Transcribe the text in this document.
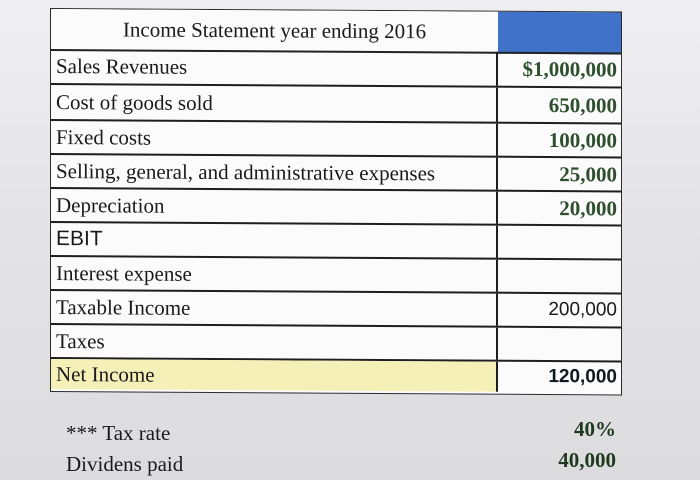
Income Statement year ending 2016
Sales Revenues	$1,000,000
Cost of goods sold	650,000
Fixed costs	100,000
Selling, general, and administrative expenses	25,000
Depreciation	20,000
EBIT
Interest expense
Taxable Income	200,000
Taxes
Net Income	120,000
*** Tax rate	40%
Dividens paid	40,000
